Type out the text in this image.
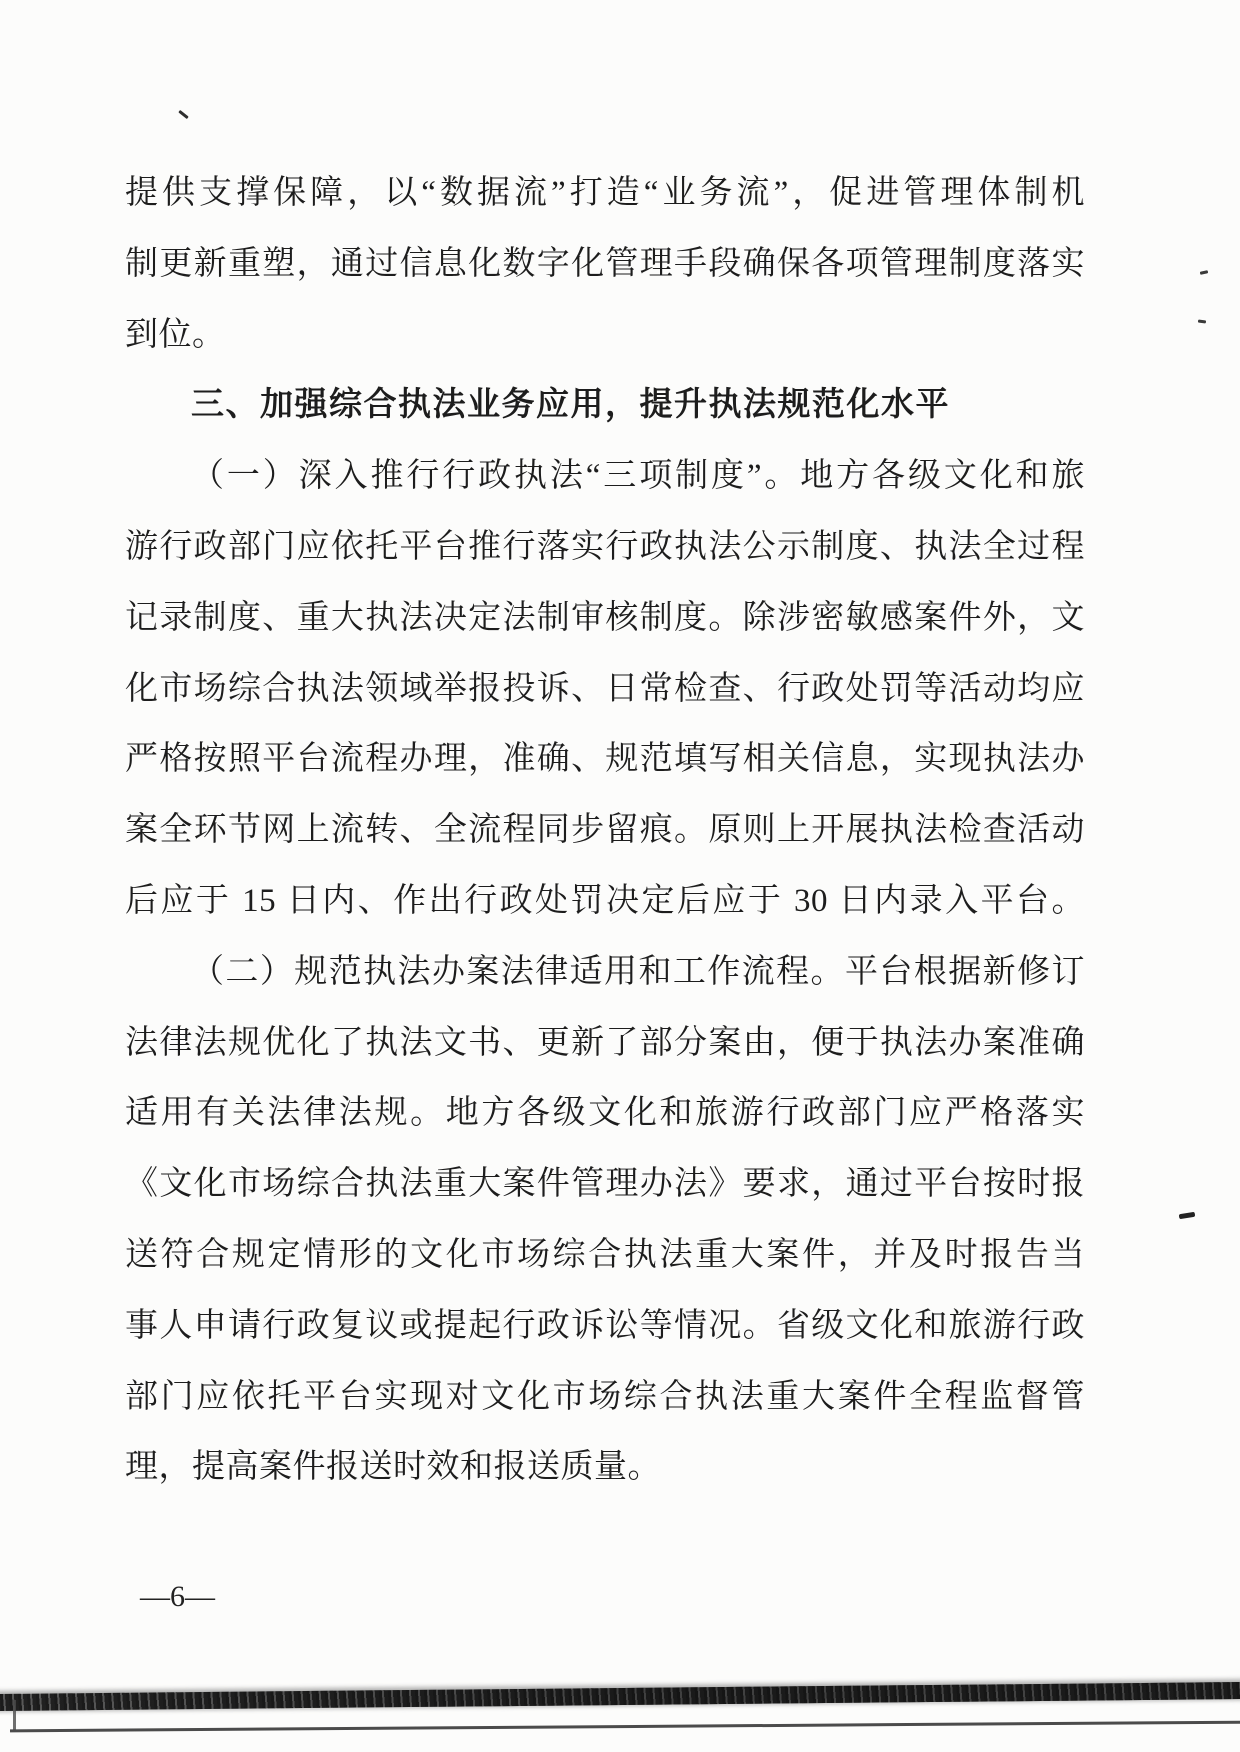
提供支撑保障，以“数据流”打造“业务流”，促进管理体制机
制更新重塑，通过信息化数字化管理手段确保各项管理制度落实
到位。
三、加强综合执法业务应用，提升执法规范化水平
（一）深入推行行政执法“三项制度”。地方各级文化和旅
游行政部门应依托平台推行落实行政执法公示制度、执法全过程
记录制度、重大执法决定法制审核制度。除涉密敏感案件外，文
化市场综合执法领域举报投诉、日常检查、行政处罚等活动均应
严格按照平台流程办理，准确、规范填写相关信息，实现执法办
案全环节网上流转、全流程同步留痕。原则上开展执法检查活动
后应于 15 日内、作出行政处罚决定后应于 30 日内录入平台。
（二）规范执法办案法律适用和工作流程。平台根据新修订
法律法规优化了执法文书、更新了部分案由，便于执法办案准确
适用有关法律法规。地方各级文化和旅游行政部门应严格落实
《文化市场综合执法重大案件管理办法》要求，通过平台按时报
送符合规定情形的文化市场综合执法重大案件，并及时报告当
事人申请行政复议或提起行政诉讼等情况。省级文化和旅游行政
部门应依托平台实现对文化市场综合执法重大案件全程监督管
理，提高案件报送时效和报送质量。
—6—
